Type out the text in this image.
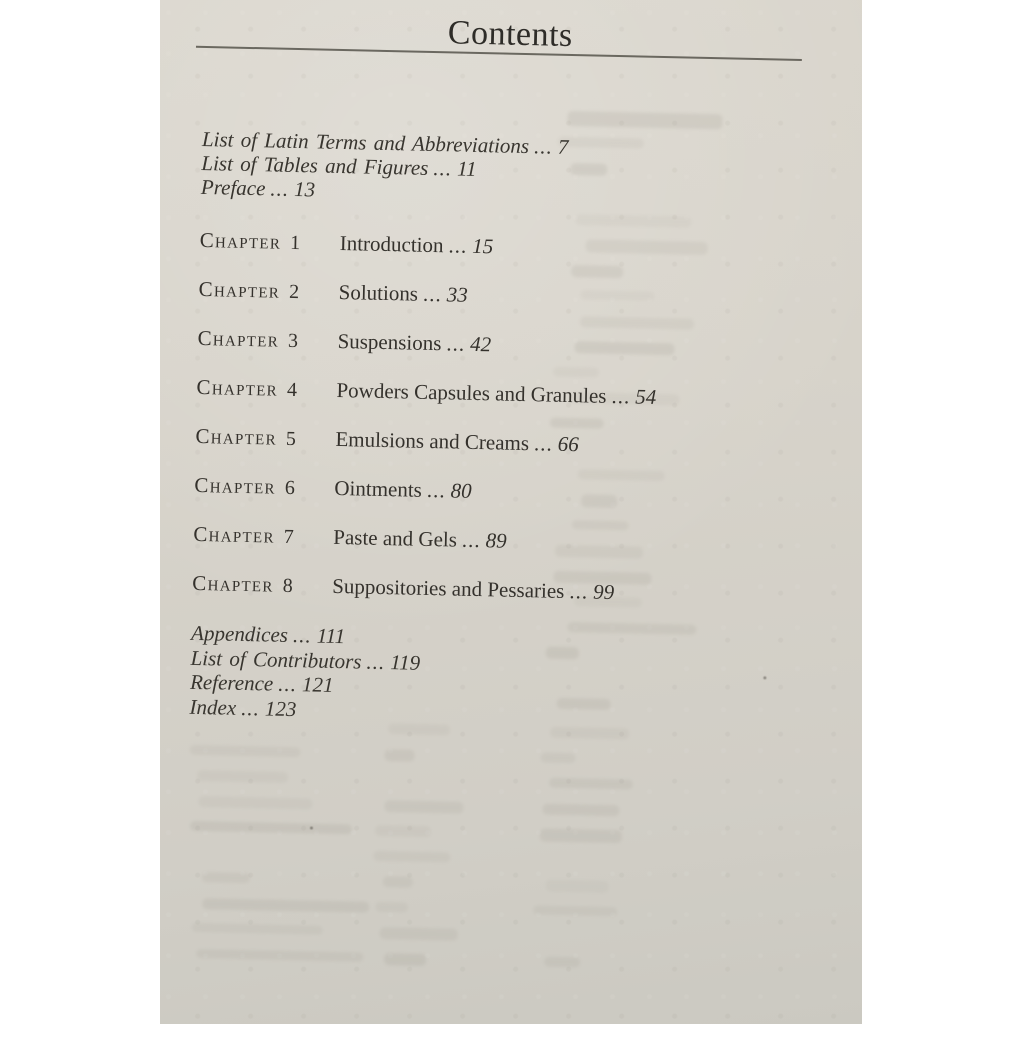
Contents
List of Latin Terms and Abbreviations ... 7
List of Tables and Figures ... 11
Preface ... 13
Chapter 1 Introduction ... 15
Chapter 2 Solutions ... 33
Chapter 3 Suspensions ... 42
Chapter 4 Powders Capsules and Granules ... 54
Chapter 5 Emulsions and Creams ... 66
Chapter 6 Ointments ... 80
Chapter 7 Paste and Gels ... 89
Chapter 8 Suppositories and Pessaries ... 99
Appendices ... 111
List of Contributors ... 119
Reference ... 121
Index ... 123
